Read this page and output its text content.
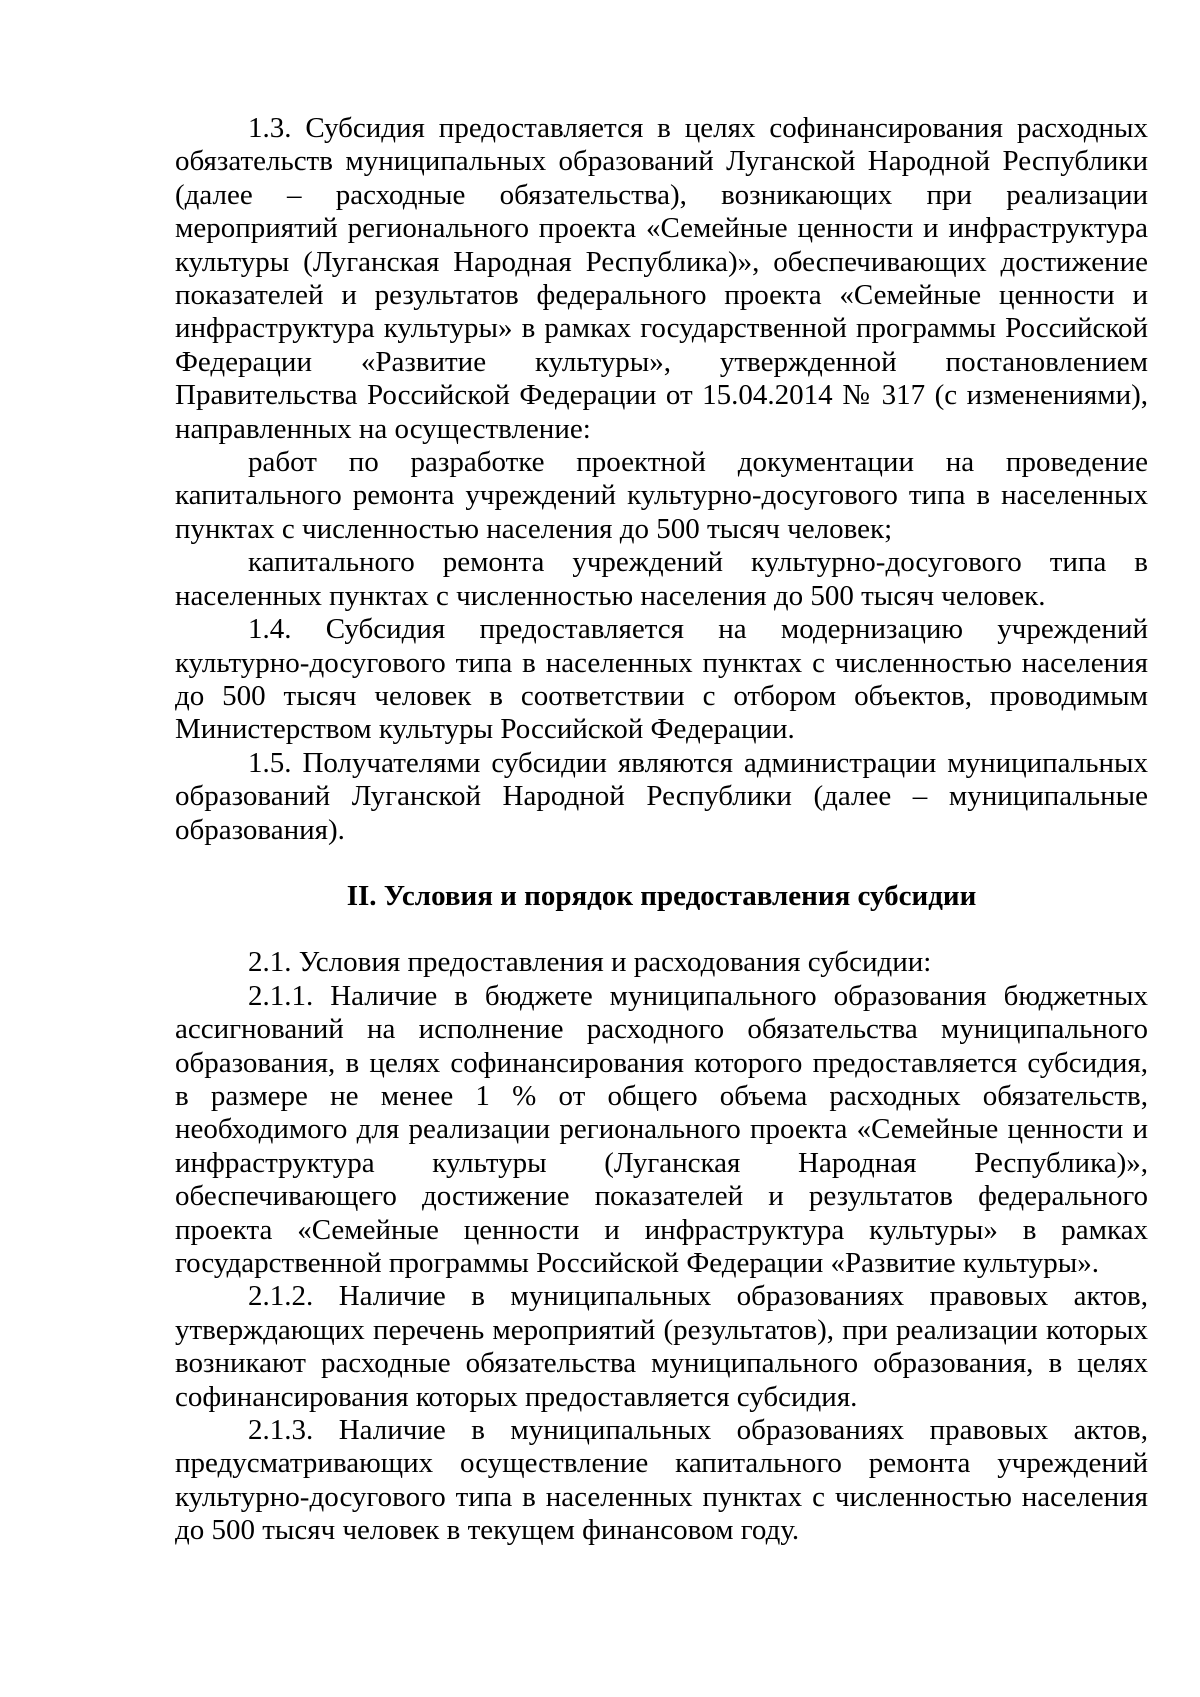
1.3. Субсидия предоставляется в целях софинансирования расходных обязательств муниципальных образований Луганской Народной Республики (далее – расходные обязательства), возникающих при реализации мероприятий регионального проекта «Семейные ценности и инфраструктура культуры (Луганская Народная Республика)», обеспечивающих достижение показателей и результатов федерального проекта «Семейные ценности и инфраструктура культуры» в рамках государственной программы Российской Федерации «Развитие культуры», утвержденной постановлением Правительства Российской Федерации от 15.04.2014 № 317 (с изменениями), направленных на осуществление:

работ по разработке проектной документации на проведение капитального ремонта учреждений культурно-досугового типа в населенных пунктах с численностью населения до 500 тысяч человек;

капитального ремонта учреждений культурно-досугового типа в населенных пунктах с численностью населения до 500 тысяч человек.

1.4. Субсидия предоставляется на модернизацию учреждений культурно-досугового типа в населенных пунктах с численностью населения до 500 тысяч человек в соответствии с отбором объектов, проводимым Министерством культуры Российской Федерации.

1.5. Получателями субсидии являются администрации муниципальных образований Луганской Народной Республики (далее – муниципальные образования).

II. Условия и порядок предоставления субсидии

2.1. Условия предоставления и расходования субсидии:

2.1.1. Наличие в бюджете муниципального образования бюджетных ассигнований на исполнение расходного обязательства муниципального образования, в целях софинансирования которого предоставляется субсидия, в размере не менее 1 % от общего объема расходных обязательств, необходимого для реализации регионального проекта «Семейные ценности и инфраструктура культуры (Луганская Народная Республика)», обеспечивающего достижение показателей и результатов федерального проекта «Семейные ценности и инфраструктура культуры» в рамках государственной программы Российской Федерации «Развитие культуры».

2.1.2. Наличие в муниципальных образованиях правовых актов, утверждающих перечень мероприятий (результатов), при реализации которых возникают расходные обязательства муниципального образования, в целях софинансирования которых предоставляется субсидия.

2.1.3. Наличие в муниципальных образованиях правовых актов, предусматривающих осуществление капитального ремонта учреждений культурно-досугового типа в населенных пунктах с численностью населения до 500 тысяч человек в текущем финансовом году.
